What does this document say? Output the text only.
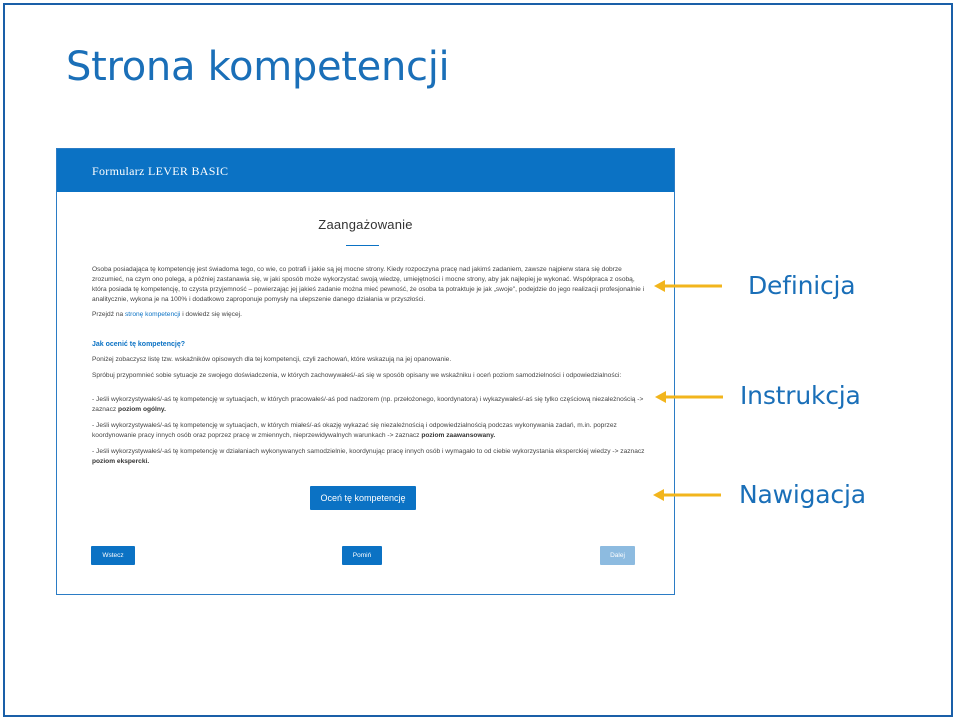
Strona kompetencji
Formularz LEVER BASIC
Zaangażowanie
Osoba posiadająca tę kompetencję jest świadoma tego, co wie, co potrafi i jakie są jej mocne strony. Kiedy rozpoczyna pracę nad jakimś zadaniem, zawsze najpierw stara się dobrze zrozumieć, na czym ono polega, a później zastanawia się, w jaki sposób może wykorzystać swoją wiedzę, umiejętności i mocne strony, aby jak najlepiej je wykonać. Współpraca z osobą, która posiada tę kompetencję, to czysta przyjemność – powierzając jej jakieś zadanie można mieć pewność, że osoba ta potraktuje je jak „swoje", podejdzie do jego realizacji profesjonalnie i analitycznie, wykona je na 100% i dodatkowo zaproponuje pomysły na ulepszenie danego działania w przyszłości.
Przejdź na stronę kompetencji i dowiedz się więcej.
Jak ocenić tę kompetencję?
Poniżej zobaczysz listę tzw. wskaźników opisowych dla tej kompetencji, czyli zachowań, które wskazują na jej opanowanie.
Spróbuj przypomnieć sobie sytuacje ze swojego doświadczenia, w których zachowywałeś/-aś się w sposób opisany we wskaźniku i oceń poziom samodzielności i odpowiedzialności:
- Jeśli wykorzystywałeś/-aś tę kompetencję w sytuacjach, w których pracowałeś/-aś pod nadzorem (np. przełożonego, koordynatora) i wykazywałeś/-aś się tylko częściową niezależnością -> zaznacz poziom ogólny.
- Jeśli wykorzystywałeś/-aś tę kompetencję w sytuacjach, w których miałeś/-aś okazję wykazać się niezależnością i odpowiedzialnością podczas wykonywania zadań, m.in. poprzez koordynowanie pracy innych osób oraz poprzez pracę w zmiennych, nieprzewidywalnych warunkach -> zaznacz poziom zaawansowany.
- Jeśli wykorzystywałeś/-aś tę kompetencję w działaniach wykonywanych samodzielnie, koordynując pracę innych osób i wymagało to od ciebie wykorzystania eksperckiej wiedzy -> zaznacz poziom ekspercki.
Oceń tę kompetencję
Wstecz	Pomiń	Dalej
Definicja
Instrukcja
Nawigacja
